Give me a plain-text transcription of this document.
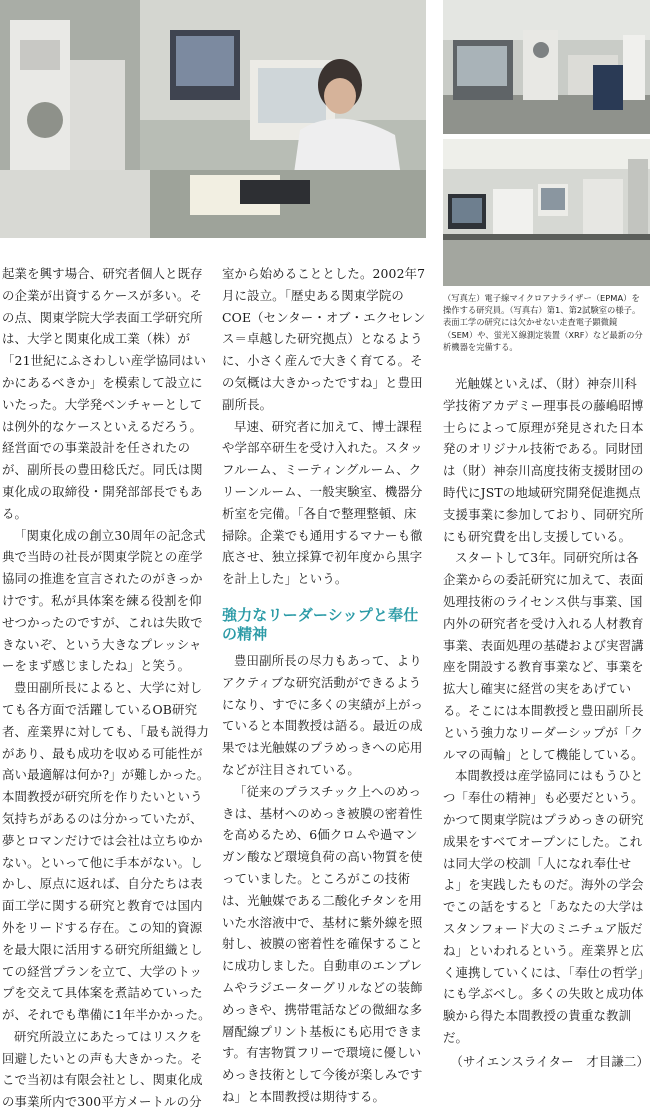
（写真左）電子線マイクロアナライザー（EPMA）を操作する研究員。（写真右）第1、第2試験室の様子。表面工学の研究には欠かせない走査電子顕微鏡（SEM）や、蛍光Ｘ線測定装置（XRF）など最新の分析機器を完備する。

起業を興す場合、研究者個人と既存の企業が出資するケースが多い。その点、関東学院大学表面工学研究所は、大学と関東化成工業（株）が「21世紀にふさわしい産学協同はいかにあるべきか」を模索して設立にいたった。大学発ベンチャーとしては例外的なケースといえるだろう。経営面での事業設計を任されたのが、副所長の豊田稔氏だ。同氏は関東化成の取締役・開発部部長でもある。

「関東化成の創立30周年の記念式典で当時の社長が関東学院との産学協同の推進を宣言されたのがきっかけです。私が具体案を練る役割を仰せつかったのですが、これは失敗できないぞ、という大きなプレッシャーをまず感じましたね」と笑う。

豊田副所長によると、大学に対しても各方面で活躍しているOB研究者、産業界に対しても、「最も説得力があり、最も成功を収める可能性が高い最適解は何か?」が難しかった。本間教授が研究所を作りたいという気持ちがあるのは分かっていたが、夢とロマンだけでは会社は立ちゆかない。といって他に手本がない。しかし、原点に返れば、自分たちは表面工学に関する研究と教育では国内外をリードする存在。この知的資源を最大限に活用する研究所組織としての経営プランを立て、大学のトップを交えて具体案を煮詰めていったが、それでも準備に1年半かかった。

研究所設立にあたってはリスクを回避したいとの声も大きかった。そこで当初は有限会社とし、関東化成の事業所内で300平方メートルの分

室から始めることとした。2002年7月に設立。「歴史ある関東学院のCOE（センター・オブ・エクセレンス＝卓越した研究拠点）となるように、小さく産んで大きく育てる。その気概は大きかったですね」と豊田副所長。

早速、研究者に加えて、博士課程や学部卒研生を受け入れた。スタッフルーム、ミーティングルーム、クリーンルーム、一般実験室、機器分析室を完備。「各自で整理整頓、床掃除。企業でも通用するマナーも徹底させ、独立採算で初年度から黒字を計上した」という。

強力なリーダーシップと奉仕の精神

豊田副所長の尽力もあって、よりアクティブな研究活動ができるようになり、すでに多くの実績が上がっていると本間教授は語る。最近の成果では光触媒のプラめっきへの応用などが注目されている。

「従来のプラスチック上へのめっきは、基材へのめっき被膜の密着性を高めるため、6価クロムや過マンガン酸など環境負荷の高い物質を使っていました。ところがこの技術は、光触媒である二酸化チタンを用いた水溶液中で、基材に紫外線を照射し、被膜の密着性を確保することに成功しました。自動車のエンブレムやラジエーターグリルなどの装飾めっきや、携帯電話などの微細な多層配線プリント基板にも応用できます。有害物質フリーで環境に優しいめっき技術として今後が楽しみですね」と本間教授は期待する。

光触媒といえば、（財）神奈川科学技術アカデミー理事長の藤嶋昭博士らによって原理が発見された日本発のオリジナル技術である。同財団は（財）神奈川高度技術支援財団の時代にJSTの地域研究開発促進拠点支援事業に参加しており、同研究所にも研究費を出し支援している。

スタートして3年。同研究所は各企業からの委託研究に加えて、表面処理技術のライセンス供与事業、国内外の研究者を受け入れる人材教育事業、表面処理の基礎および実習講座を開設する教育事業など、事業を拡大し確実に経営の実をあげている。そこには本間教授と豊田副所長という強力なリーダーシップが「クルマの両輪」として機能している。

本間教授は産学協同にはもうひとつ「奉仕の精神」も必要だという。かつて関東学院はプラめっきの研究成果をすべてオープンにした。これは同大学の校訓「人になれ奉仕せよ」を実践したものだ。海外の学会でこの話をすると「あなたの大学はスタンフォード大のミニチュア版だね」といわれるという。産業界と広く連携していくには、「奉仕の哲学」にも学ぶべし。多くの失敗と成功体験から得た本間教授の貴重な教訓だ。

（サイエンスライター　才目謙二）
